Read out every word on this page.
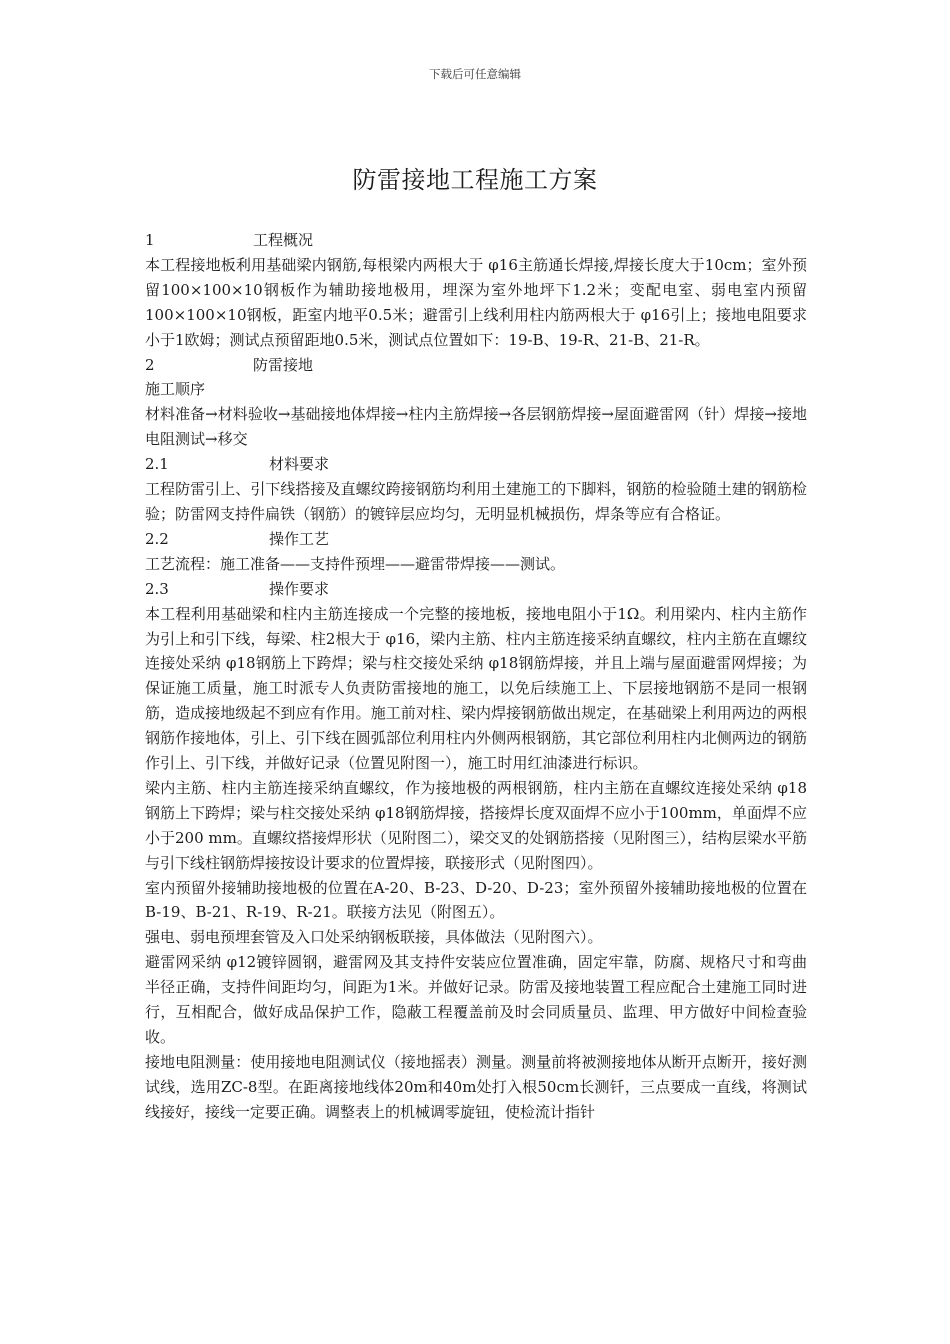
下载后可任意编辑
防雷接地工程施工方案
1	工程概况

本工程接地板利用基础梁内钢筋,每根梁内两根大于 φ16主筋通长焊接,焊接长度大于10cm；室外预留100×100×10钢板作为辅助接地极用，埋深为室外地坪下1.2米；变配电室、弱电室内预留100×100×10钢板，距室内地平0.5米；避雷引上线利用柱内筋两根大于 φ16引上；接地电阻要求小于1欧姆；测试点预留距地0.5米，测试点位置如下：19-B、19-R、21-B、21-R。

2	防雷接地

施工顺序

材料准备→材料验收→基础接地体焊接→柱内主筋焊接→各层钢筋焊接→屋面避雷网（针）焊接→接地电阻测试→移交

2.1	材料要求

工程防雷引上、引下线搭接及直螺纹跨接钢筋均利用土建施工的下脚料，钢筋的检验随土建的钢筋检验；防雷网支持件扁铁（钢筋）的镀锌层应均匀，无明显机械损伤，焊条等应有合格证。

2.2	操作工艺

工艺流程：施工准备——支持件预埋——避雷带焊接——测试。

2.3	操作要求

本工程利用基础梁和柱内主筋连接成一个完整的接地板，接地电阻小于1Ω。利用梁内、柱内主筋作为引上和引下线，每梁、柱2根大于 φ16，梁内主筋、柱内主筋连接采纳直螺纹，柱内主筋在直螺纹连接处采纳 φ18钢筋上下跨焊；梁与柱交接处采纳 φ18钢筋焊接，并且上端与屋面避雷网焊接；为保证施工质量，施工时派专人负责防雷接地的施工，以免后续施工上、下层接地钢筋不是同一根钢筋，造成接地级起不到应有作用。施工前对柱、梁内焊接钢筋做出规定，在基础梁上利用两边的两根钢筋作接地体，引上、引下线在圆弧部位利用柱内外侧两根钢筋，其它部位利用柱内北侧两边的钢筋作引上、引下线，并做好记录（位置见附图一），施工时用红油漆进行标识。

梁内主筋、柱内主筋连接采纳直螺纹，作为接地极的两根钢筋，柱内主筋在直螺纹连接处采纳 φ18钢筋上下跨焊；梁与柱交接处采纳 φ18钢筋焊接，搭接焊长度双面焊不应小于100mm，单面焊不应小于200 mm。直螺纹搭接焊形状（见附图二），梁交叉的处钢筋搭接（见附图三），结构层梁水平筋与引下线柱钢筋焊接按设计要求的位置焊接，联接形式（见附图四）。

室内预留外接辅助接地极的位置在A-20、B-23、D-20、D-23；室外预留外接辅助接地极的位置在B-19、B-21、R-19、R-21。联接方法见（附图五）。

强电、弱电预埋套管及入口处采纳钢板联接，具体做法（见附图六）。

避雷网采纳 φ12镀锌圆钢，避雷网及其支持件安装应位置准确，固定牢靠，防腐、规格尺寸和弯曲半径正确，支持件间距均匀，间距为1米。并做好记录。防雷及接地装置工程应配合土建施工同时进行，互相配合，做好成品保护工作，隐蔽工程覆盖前及时会同质量员、监理、甲方做好中间检查验收。

接地电阻测量：使用接地电阻测试仪（接地摇表）测量。测量前将被测接地体从断开点断开，接好测试线，选用ZC-8型。在距离接地线体20m和40m处打入根50cm长测钎，三点要成一直线，将测试线接好，接线一定要正确。调整表上的机械调零旋钮，使检流计指针
